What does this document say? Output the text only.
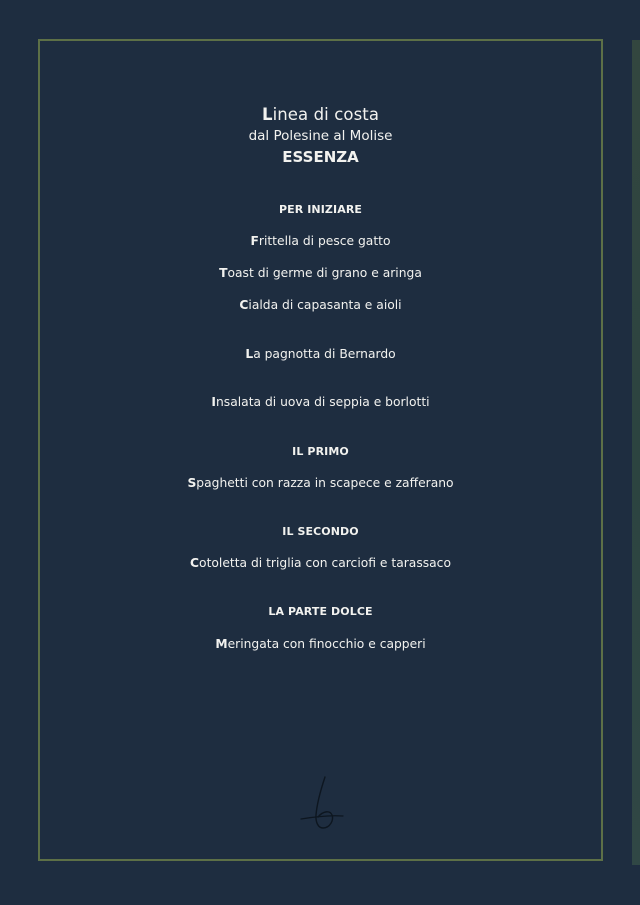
Linea di costa
dal Polesine al Molise
ESSENZA
PER INIZIARE
Frittella di pesce gatto
Toast di germe di grano e aringa
Cialda di capasanta e aioli
La pagnotta di Bernardo
Insalata di uova di seppia e borlotti
IL PRIMO
Spaghetti con razza in scapece e zafferano
IL SECONDO
Cotoletta di triglia con carciofi e tarassaco
LA PARTE DOLCE
Meringata con finocchio e capperi
